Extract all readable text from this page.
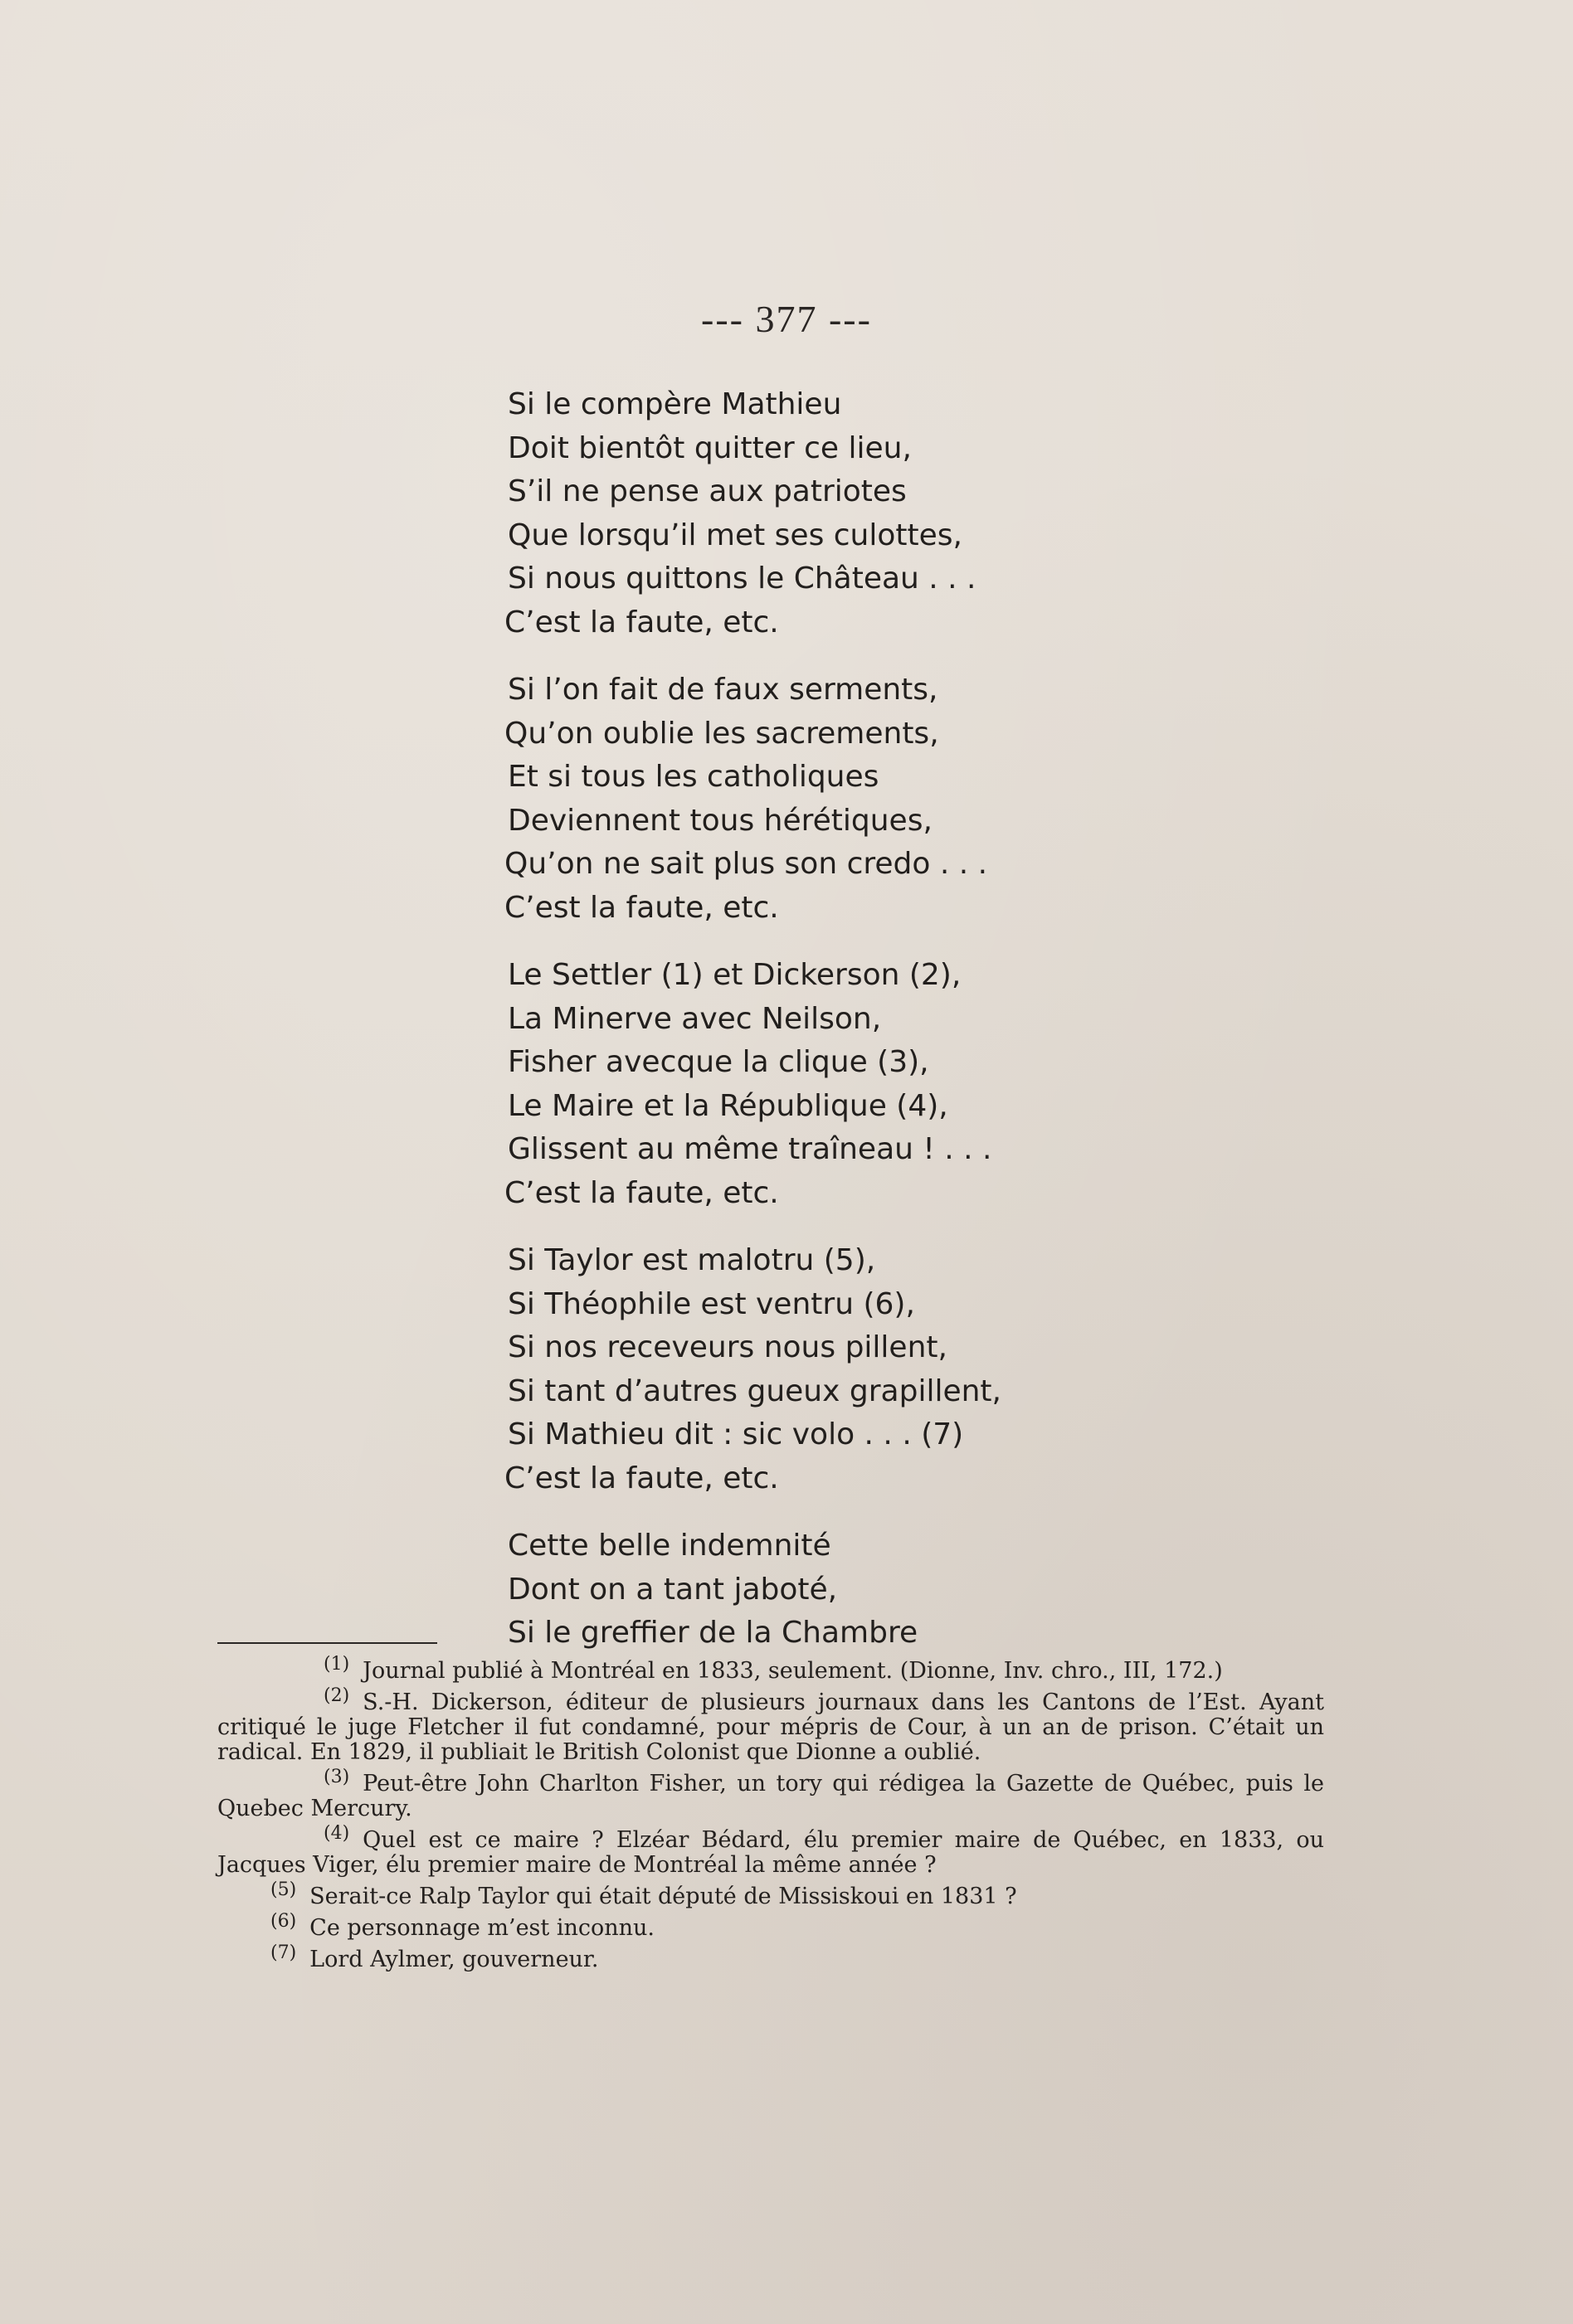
--- 377 ---
Si le compère Mathieu
Doit bientôt quitter ce lieu,
S’il ne pense aux patriotes
Que lorsqu’il met ses culottes,
Si nous quittons le Château . . .
C’est la faute, etc.
Si l’on fait de faux serments,
Qu’on oublie les sacrements,
Et si tous les catholiques
Deviennent tous hérétiques,
Qu’on ne sait plus son credo . . .
C’est la faute, etc.
Le Settler (1) et Dickerson (2),
La Minerve avec Neilson,
Fisher avecque la clique (3),
Le Maire et la République (4),
Glissent au même traîneau ! . . .
C’est la faute, etc.
Si Taylor est malotru (5),
Si Théophile est ventru (6),
Si nos receveurs nous pillent,
Si tant d’autres gueux grapillent,
Si Mathieu dit : sic volo . . . (7)
C’est la faute, etc.
Cette belle indemnité
Dont on a tant jaboté,
Si le greffier de la Chambre

(1) Journal publié à Montréal en 1833, seulement. (Dionne, Inv. chro., III, 172.)

(2) S.-H. Dickerson, éditeur de plusieurs journaux dans les Cantons de l’Est. Ayant critiqué le juge Fletcher il fut condamné, pour mépris de Cour, à un an de prison. C’était un radical. En 1829, il publiait le British Colonist que Dionne a oublié.

(3) Peut-être John Charlton Fisher, un tory qui rédigea la Gazette de Québec, puis le Quebec Mercury.

(4) Quel est ce maire ? Elzéar Bédard, élu premier maire de Québec, en 1833, ou Jacques Viger, élu premier maire de Montréal la même année ?

(5) Serait-ce Ralp Taylor qui était député de Missiskoui en 1831 ?

(6) Ce personnage m’est inconnu.

(7) Lord Aylmer, gouverneur.
